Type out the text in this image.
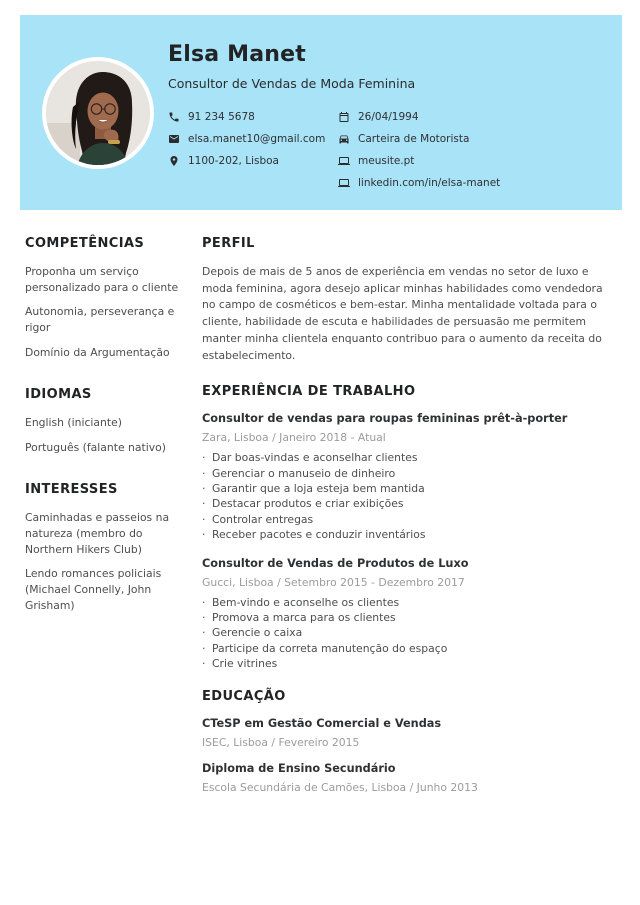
Elsa Manet
Consultor de Vendas de Moda Feminina
91 234 5678
elsa.manet10@gmail.com
1100-202, Lisboa
26/04/1994
Carteira de Motorista
meusite.pt
linkedin.com/in/elsa-manet
COMPETÊNCIAS
Proponha um serviço personalizado para o cliente
Autonomia, perseverança e rigor
Domínio da Argumentação
IDIOMAS
English (iniciante)
Português (falante nativo)
INTERESSES
Caminhadas e passeios na natureza (membro do Northern Hikers Club)
Lendo romances policiais (Michael Connelly, John Grisham)
PERFIL

Depois de mais de 5 anos de experiência em vendas no setor de luxo e moda feminina, agora desejo aplicar minhas habilidades como vendedora no campo de cosméticos e bem-estar. Minha mentalidade voltada para o cliente, habilidade de escuta e habilidades de persuasão me permitem manter minha clientela enquanto contribuo para o aumento da receita do estabelecimento.

EXPERIÊNCIA DE TRABALHO
Consultor de vendas para roupas femininas prêt-à-porter
Zara, Lisboa / Janeiro 2018 - Atual
· Dar boas-vindas e aconselhar clientes
· Gerenciar o manuseio de dinheiro
· Garantir que a loja esteja bem mantida
· Destacar produtos e criar exibições
· Controlar entregas
· Receber pacotes e conduzir inventários
Consultor de Vendas de Produtos de Luxo
Gucci, Lisboa / Setembro 2015 - Dezembro 2017
· Bem-vindo e aconselhe os clientes
· Promova a marca para os clientes
· Gerencie o caixa
· Participe da correta manutenção do espaço
· Crie vitrines
EDUCAÇÃO
CTeSP em Gestão Comercial e Vendas
ISEC, Lisboa / Fevereiro 2015
Diploma de Ensino Secundário
Escola Secundária de Camões, Lisboa / Junho 2013
